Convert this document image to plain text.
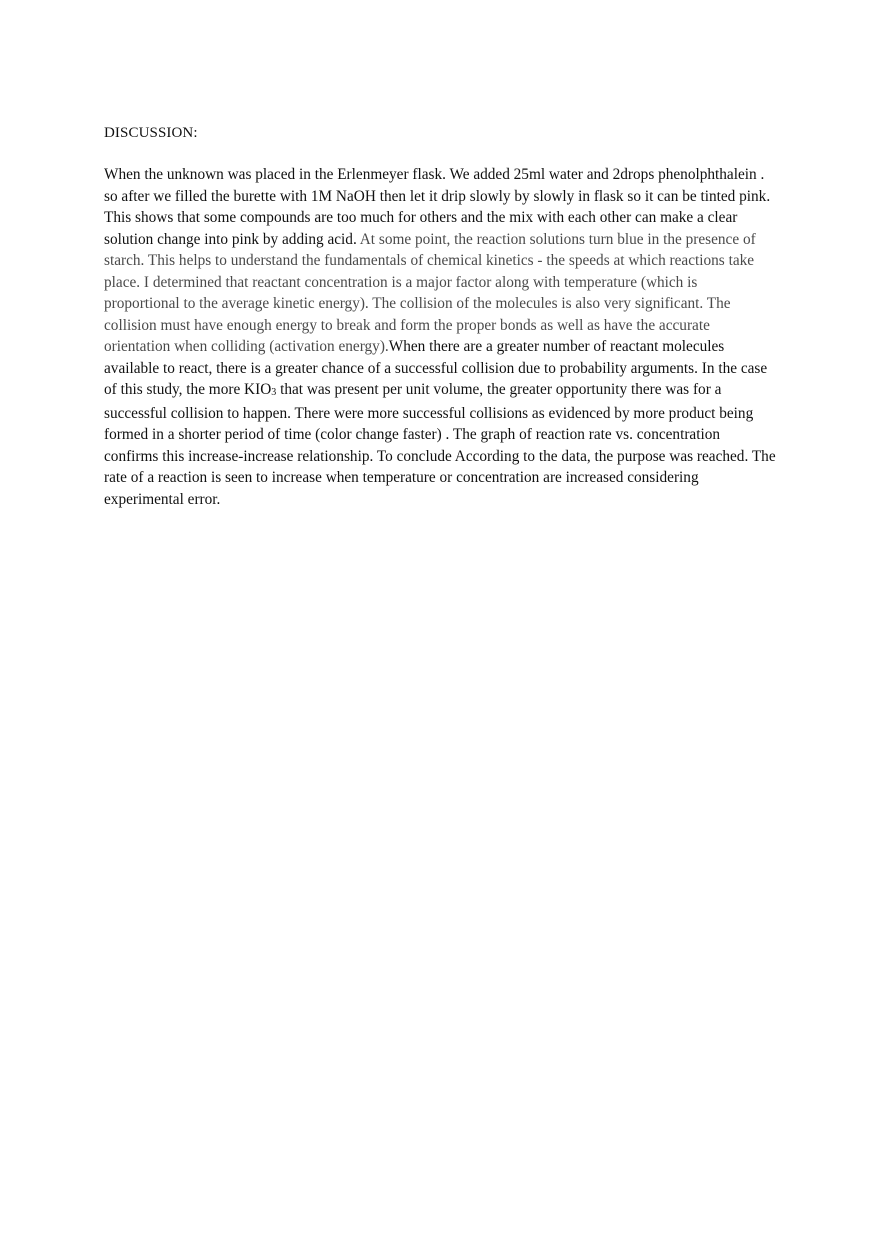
DISCUSSION:
When the unknown was placed in the Erlenmeyer flask. We added 25ml water and 2drops phenolphthalein . so after we filled the burette with 1M NaOH then let it drip slowly by slowly in flask so it can be tinted pink. This shows that some compounds are too much for others and the mix with each other can make a clear solution change into pink by adding acid. At some point, the reaction solutions turn blue in the presence of starch. This helps to understand the fundamentals of chemical kinetics - the speeds at which reactions take place. I determined that reactant concentration is a major factor along with temperature (which is proportional to the average kinetic energy). The collision of the molecules is also very significant. The collision must have enough energy to break and form the proper bonds as well as have the accurate orientation when colliding (activation energy).When there are a greater number of reactant molecules available to react, there is a greater chance of a successful collision due to probability arguments. In the case of this study, the more $KIO_3$ that was present per unit volume, the greater opportunity there was for a successful collision to happen. There were more successful collisions as evidenced by more product being formed in a shorter period of time (color change faster) . The graph of reaction rate vs. concentration confirms this increase-increase relationship. To conclude According to the data, the purpose was reached. The rate of a reaction is seen to increase when temperature or concentration are increased considering experimental error.
